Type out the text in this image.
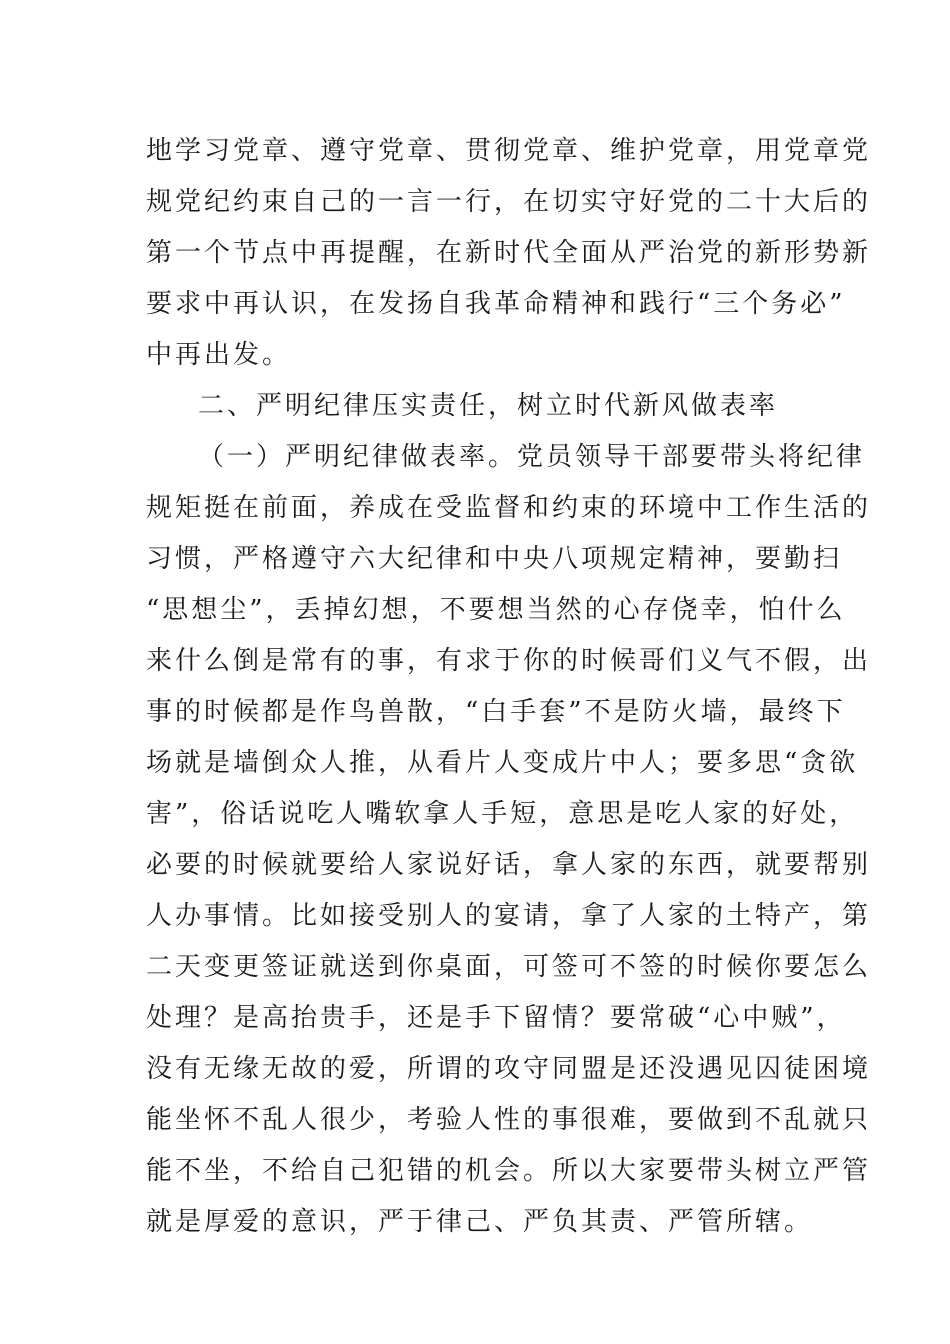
地学习党章、遵守党章、贯彻党章、维护党章，用党章党
规党纪约束自己的一言一行，在切实守好党的二十大后的
第一个节点中再提醒，在新时代全面从严治党的新形势新
要求中再认识，在发扬自我革命精神和践行“三个务必”
中再出发。
二、严明纪律压实责任，树立时代新风做表率
（一）严明纪律做表率。党员领导干部要带头将纪律
规矩挺在前面，养成在受监督和约束的环境中工作生活的
习惯，严格遵守六大纪律和中央八项规定精神，要勤扫
“思想尘”，丢掉幻想，不要想当然的心存侥幸，怕什么
来什么倒是常有的事，有求于你的时候哥们义气不假，出
事的时候都是作鸟兽散，“白手套”不是防火墙，最终下
场就是墙倒众人推，从看片人变成片中人；要多思“贪欲
害”，俗话说吃人嘴软拿人手短，意思是吃人家的好处，
必要的时候就要给人家说好话，拿人家的东西，就要帮别
人办事情。比如接受别人的宴请，拿了人家的土特产，第
二天变更签证就送到你桌面，可签可不签的时候你要怎么
处理？是高抬贵手，还是手下留情？要常破“心中贼”，
没有无缘无故的爱，所谓的攻守同盟是还没遇见囚徒困境
能坐怀不乱人很少，考验人性的事很难，要做到不乱就只
能不坐，不给自己犯错的机会。所以大家要带头树立严管
就是厚爱的意识，严于律己、严负其责、严管所辖。
